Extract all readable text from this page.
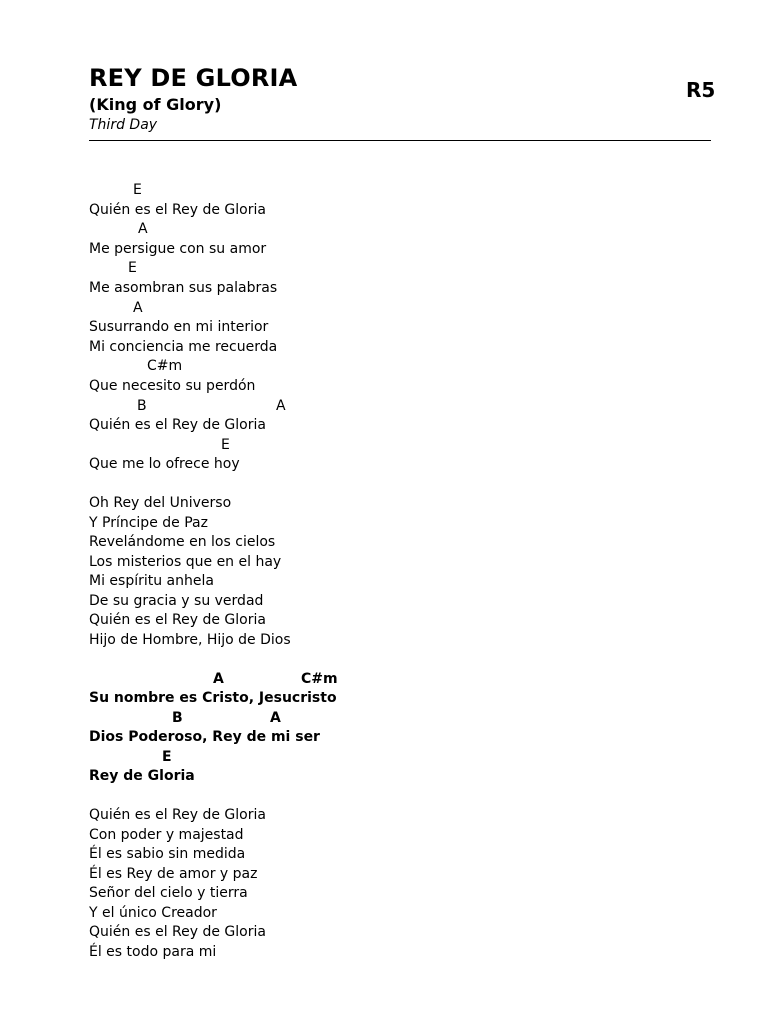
REY DE GLORIA
(King of Glory)
Third Day
R5
E
Quién es el Rey de Gloria
A
Me persigue con su amor
E
Me asombran sus palabras
A
Susurrando en mi interior
Mi conciencia me recuerda
C#m
Que necesito su perdón
B	A
Quién es el Rey de Gloria
E
Que me lo ofrece hoy
Oh Rey del Universo
Y Príncipe de Paz
Revelándome en los cielos
Los misterios que en el hay
Mi espíritu anhela
De su gracia y su verdad
Quién es el Rey de Gloria
Hijo de Hombre, Hijo de Dios
A	C#m
Su nombre es Cristo, Jesucristo
B	A
Dios Poderoso, Rey de mi ser
E
Rey de Gloria
Quién es el Rey de Gloria
Con poder y majestad
Él es sabio sin medida
Él es Rey de amor y paz
Señor del cielo y tierra
Y el único Creador
Quién es el Rey de Gloria
Él es todo para mi
